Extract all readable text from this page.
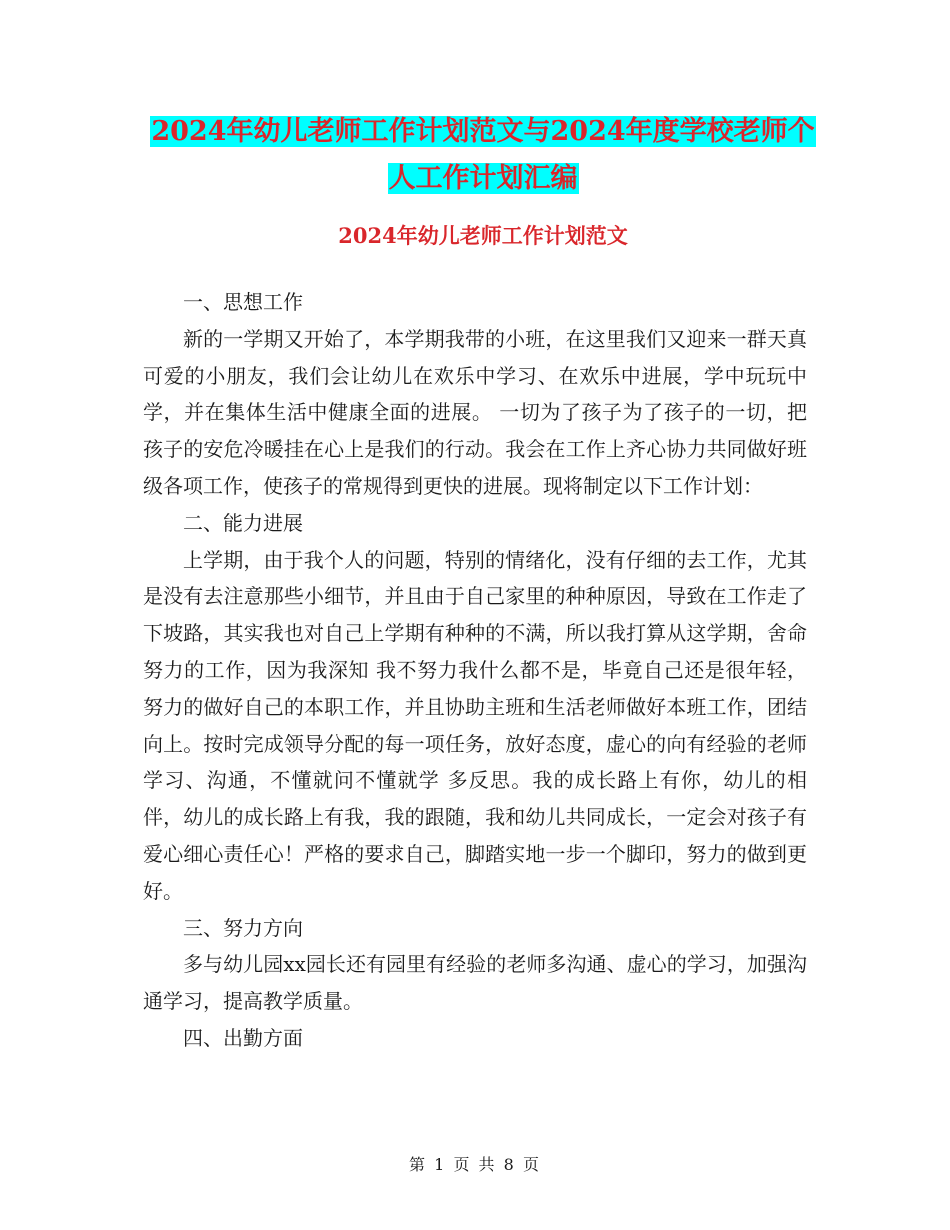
2024年幼儿老师工作计划范文与2024年度学校老师个人工作计划汇编
2024年幼儿老师工作计划范文

一、思想工作

新的一学期又开始了，本学期我带的小班，在这里我们又迎来一群天真可爱的小朋友，我们会让幼儿在欢乐中学习、在欢乐中进展，学中玩玩中学，并在集体生活中健康全面的进展。 一切为了孩子为了孩子的一切，把孩子的安危冷暖挂在心上是我们的行动。我会在工作上齐心协力共同做好班级各项工作，使孩子的常规得到更快的进展。现将制定以下工作计划：

二、能力进展

上学期，由于我个人的问题，特别的情绪化，没有仔细的去工作，尤其是没有去注意那些小细节，并且由于自己家里的种种原因，导致在工作走了下坡路，其实我也对自己上学期有种种的不满，所以我打算从这学期，舍命努力的工作，因为我深知 我不努力我什么都不是，毕竟自己还是很年轻，努力的做好自己的本职工作，并且协助主班和生活老师做好本班工作，团结向上。按时完成领导分配的每一项任务，放好态度，虚心的向有经验的老师学习、沟通，不懂就问不懂就学 多反思。我的成长路上有你，幼儿的相伴，幼儿的成长路上有我，我的跟随，我和幼儿共同成长，一定会对孩子有爱心细心责任心！严格的要求自己，脚踏实地一步一个脚印，努力的做到更好。

三、努力方向

多与幼儿园xx园长还有园里有经验的老师多沟通、虚心的学习，加强沟通学习，提高教学质量。

四、出勤方面

第 1 页 共 8 页
